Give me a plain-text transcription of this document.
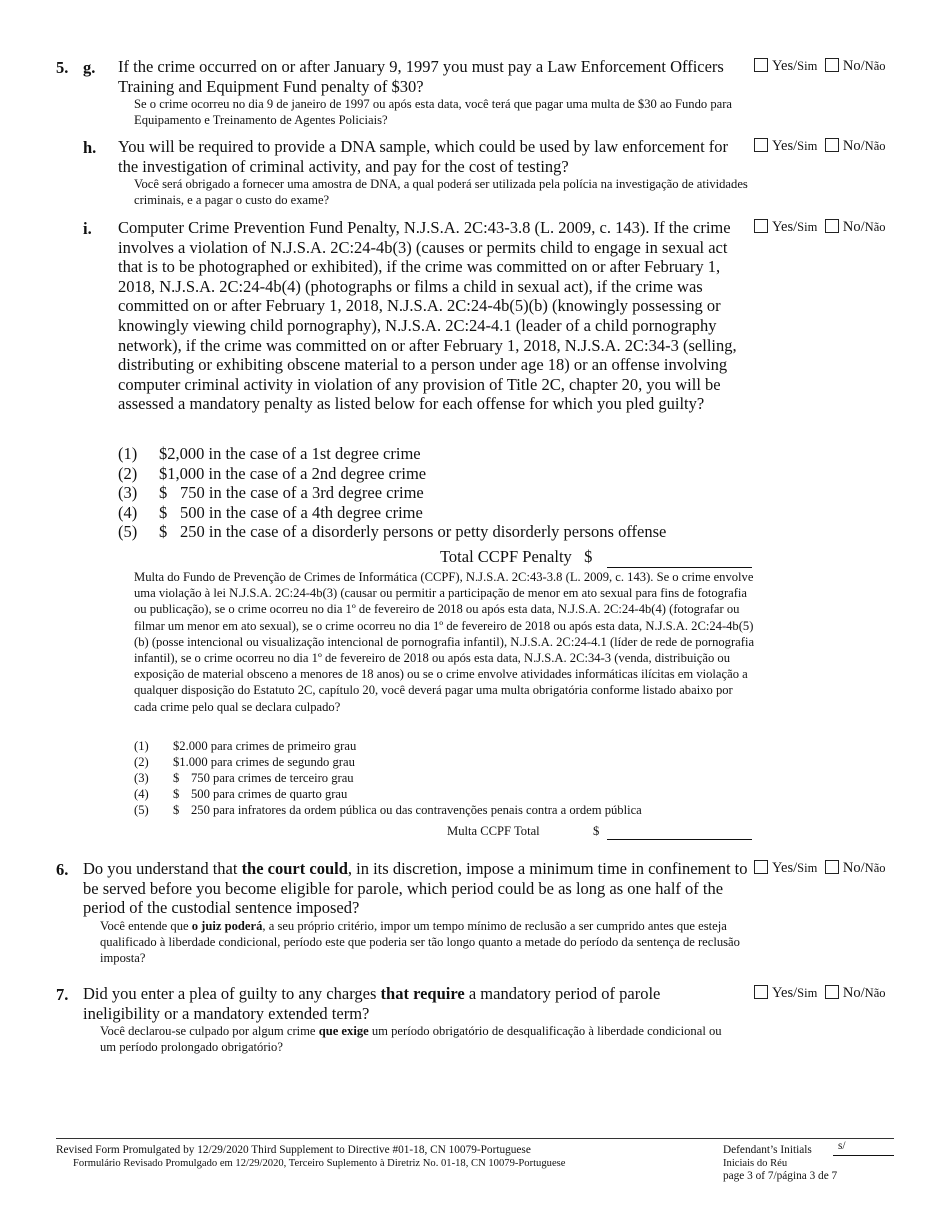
5. g. If the crime occurred on or after January 9, 1997 you must pay a Law Enforcement Officers Training and Equipment Fund penalty of $30?
Se o crime ocorreu no dia 9 de janeiro de 1997 ou após esta data, você terá que pagar uma multa de $30 ao Fundo para Equipamento e Treinamento de Agentes Policiais?
Yes/Sim No/Não
h. You will be required to provide a DNA sample, which could be used by law enforcement for the investigation of criminal activity, and pay for the cost of testing?
Você será obrigado a fornecer uma amostra de DNA, a qual poderá ser utilizada pela polícia na investigação de atividades criminais, e a pagar o custo do exame?
Yes/Sim No/Não
i. Computer Crime Prevention Fund Penalty, N.J.S.A. 2C:43-3.8 (L. 2009, c. 143). If the crime involves a violation of N.J.S.A. 2C:24-4b(3) (causes or permits child to engage in sexual act that is to be photographed or exhibited), if the crime was committed on or after February 1, 2018, N.J.S.A. 2C:24-4b(4) (photographs or films a child in sexual act), if the crime was committed on or after February 1, 2018, N.J.S.A. 2C:24-4b(5)(b) (knowingly possessing or knowingly viewing child pornography), N.J.S.A. 2C:24-4.1 (leader of a child pornography network), if the crime was committed on or after February 1, 2018, N.J.S.A. 2C:34-3 (selling, distributing or exhibiting obscene material to a person under age 18) or an offense involving computer criminal activity in violation of any provision of Title 2C, chapter 20, you will be assessed a mandatory penalty as listed below for each offense for which you pled guilty?
Yes/Sim No/Não
(1) $2,000 in the case of a 1st degree crime
(2) $1,000 in the case of a 2nd degree crime
(3) $ 750 in the case of a 3rd degree crime
(4) $ 500 in the case of a 4th degree crime
(5) $ 250 in the case of a disorderly persons or petty disorderly persons offense
Total CCPF Penalty $
Multa do Fundo de Prevenção de Crimes de Informática (CCPF), N.J.S.A. 2C:43-3.8 (L. 2009, c. 143). Se o crime envolve uma violação à lei N.J.S.A. 2C:24-4b(3) (causar ou permitir a participação de menor em ato sexual para fins de fotografia ou publicação), se o crime ocorreu no dia 1º de fevereiro de 2018 ou após esta data, N.J.S.A. 2C:24-4b(4) (fotografar ou filmar um menor em ato sexual), se o crime ocorreu no dia 1º de fevereiro de 2018 ou após esta data, N.J.S.A. 2C:24-4b(5)(b) (posse intencional ou visualização intencional de pornografia infantil), N.J.S.A. 2C:24-4.1 (líder de rede de pornografia infantil), se o crime ocorreu no dia 1º de fevereiro de 2018 ou após esta data, N.J.S.A. 2C:34-3 (venda, distribuição ou exposição de material obsceno a menores de 18 anos) ou se o crime envolve atividades informáticas ilícitas em violação a qualquer disposição do Estatuto 2C, capítulo 20, você deverá pagar uma multa obrigatória conforme listado abaixo por cada crime pelo qual se declara culpado?
(1) $2.000 para crimes de primeiro grau
(2) $1.000 para crimes de segundo grau
(3) $ 750 para crimes de terceiro grau
(4) $ 500 para crimes de quarto grau
(5) $ 250 para infratores da ordem pública ou das contravenções penais contra a ordem pública
Multa CCPF Total	$
6. Do you understand that the court could, in its discretion, impose a minimum time in confinement to be served before you become eligible for parole, which period could be as long as one half of the period of the custodial sentence imposed?
Você entende que o juiz poderá, a seu próprio critério, impor um tempo mínimo de reclusão a ser cumprido antes que esteja qualificado à liberdade condicional, período este que poderia ser tão longo quanto a metade do período da sentença de reclusão imposta?
Yes/Sim No/Não
7. Did you enter a plea of guilty to any charges that require a mandatory period of parole ineligibility or a mandatory extended term?
Você declarou-se culpado por algum crime que exige um período obrigatório de desqualificação à liberdade condicional ou um período prolongado obrigatório?
Yes/Sim No/Não
Revised Form Promulgated by 12/29/2020 Third Supplement to Directive #01-18, CN 10079-Portuguese
Formulário Revisado Promulgado em 12/29/2020, Terceiro Suplemento à Diretriz No. 01-18, CN 10079-Portuguese
Defendant’s Initials s/
Iniciais do Réu
page 3 of 7/página 3 de 7
